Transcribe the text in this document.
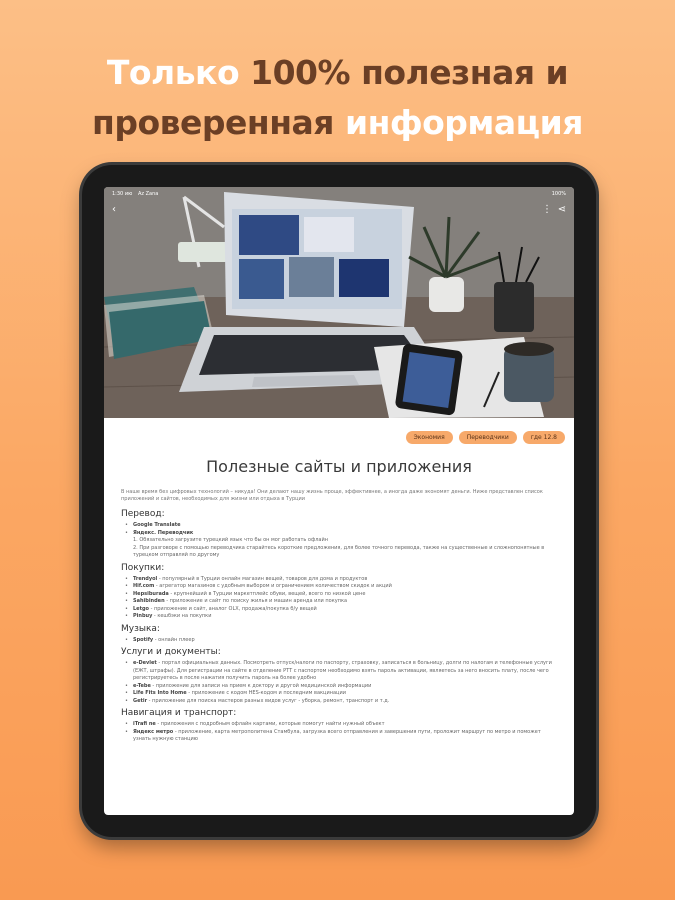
Только 100% полезная и
проверенная информация
1:30 ию Az Zana	100%
‹	⋮ ⋖
Экономия	Переводчики	где 12.8
Полезные сайты и приложения

В наше время без цифровых технологий – никуда! Они делают нашу жизнь проще, эффективнее, а иногда даже экономят деньги. Ниже представлен список приложений и сайтов, необходимых для жизни или отдыха в Турции

Перевод:
• Google Translate
• Яндекс. Переводчик
1. Обязательно загрузите турецкий язык что бы он мог работать офлайн
2. При разговоре с помощью переводчика старайтесь короткие предложения, для более точного перевода, также на существенные и сложнопонятные в турецком отправляй по другому
Покупки:
• Trendyol - популярный в Турции онлайн магазин вещей, товаров для дома и продуктов
• Hif.com - агрегатор магазинов с удобным выбором и ограничением количеством скидок и акций
• Hepsiburada - крупнейший в Турции маркетплейс обуви, вещей, всего по низкой цене
• Sahibinden - приложение и сайт по поиску жилья и машин аренда или покупка
• Letgo - приложение и сайт, аналог OLX, продажа/покупка б/у вещей
• Pinbuy - кешбэки на покупки
Музыка:
• Spotify - онлайн плеер
Услуги и документы:
• e-Devlet - портал официальных данных. Посмотреть отпуск/налоги по паспорту, страховку, записаться в больницу, долги по налогам и телефонные услуги (ЕЖТ, штрафы). Для регистрации на сайте в отделение PTT с паспортом необходимо взять пароль активации, являетесь за него вносить плату, после чего регистрируетесь в после нажатия получить пароль на более удобно
• e-Tebe - приложение для записи на прием к доктору и другой медицинской информации
• Life Fits Into Home - приложение с кодом HES-кодом и последним вакцинации
• Getir - приложение для поиска мастеров разных видов услуг - уборка, ремонт, транспорт и т.д.
Навигация и транспорт:
• iTrafi ne - приложения с подробным офлайн картами, которые помогут найти нужный объект
• Яндекс метро - приложение, карта метрополитена Стамбула, загрузка всего отправления и завершения пути, проложит маршрут по метро и поможет узнать нужную станцию
